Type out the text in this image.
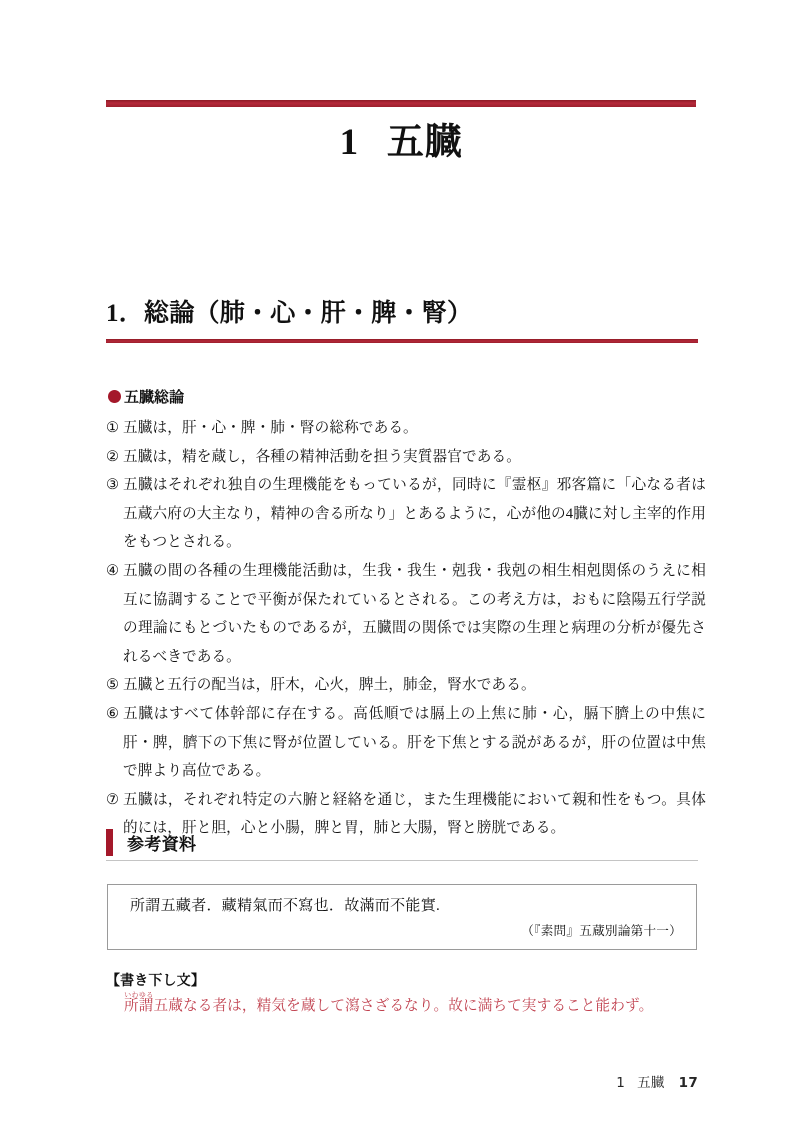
1 五臓
1．総論（肺・心・肝・脾・腎）
五臓総論
① 五臓は，肝・心・脾・肺・腎の総称である。
② 五臓は，精を蔵し，各種の精神活動を担う実質器官である。
③ 五臓はそれぞれ独自の生理機能をもっているが，同時に『霊枢』邪客篇に「心なる者は五蔵六府の大主なり，精神の舎る所なり」とあるように，心が他の4臓に対し主宰的作用をもつとされる。
④ 五臓の間の各種の生理機能活動は，生我・我生・剋我・我剋の相生相剋関係のうえに相互に協調することで平衡が保たれているとされる。この考え方は，おもに陰陽五行学説の理論にもとづいたものであるが，五臓間の関係では実際の生理と病理の分析が優先されるべきである。
⑤ 五臓と五行の配当は，肝木，心火，脾土，肺金，腎水である。
⑥ 五臓はすべて体幹部に存在する。高低順では膈上の上焦に肺・心，膈下臍上の中焦に肝・脾，臍下の下焦に腎が位置している。肝を下焦とする説があるが，肝の位置は中焦で脾より高位である。
⑦ 五臓は，それぞれ特定の六腑と経絡を通じ，また生理機能において親和性をもつ。具体的には，肝と胆，心と小腸，脾と胃，肺と大腸，腎と膀胱である。
参考資料
所謂五藏者．藏精氣而不寫也．故滿而不能實.
（『素問』五蔵別論第十一）
【書き下し文】
所謂いわゆる五蔵なる者は，精気を蔵して瀉さざるなり。故に満ちて実すること能わず。
1 五臓 17
